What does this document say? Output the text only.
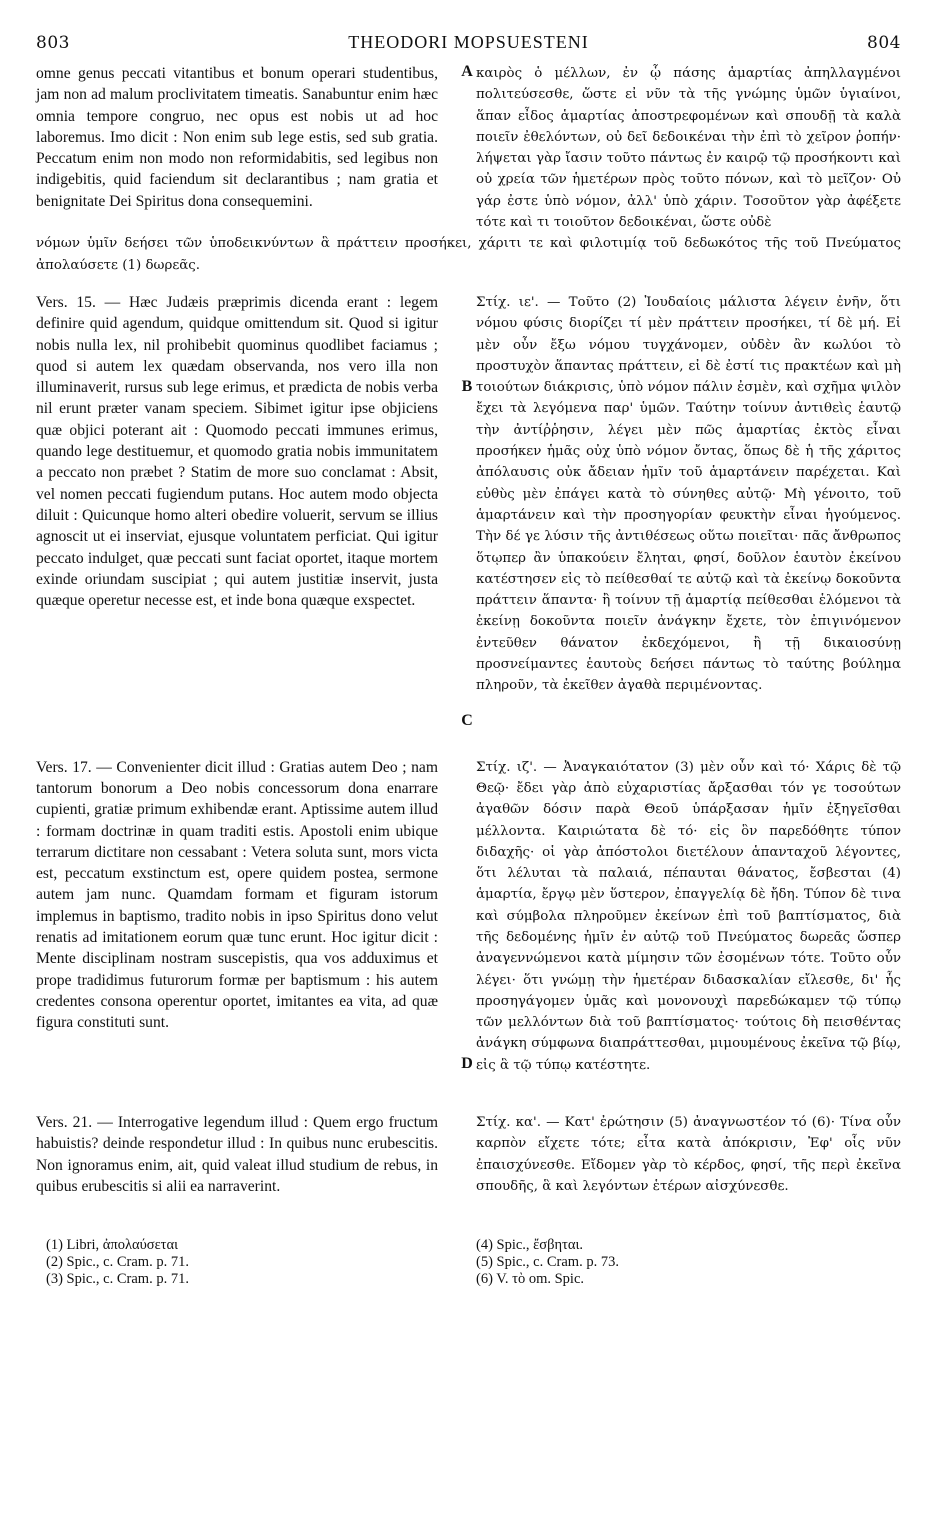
803	THEODORI MOPSUESTENI	804
A

omne genus peccati vitantibus et bonum operari studentibus, jam non ad malum proclivitatem timeatis. Sanabuntur enim hæc omnia tempore congruo, nec opus est nobis ut ad hoc laboremus. Imo dicit : Non enim sub lege estis, sed sub gratia. Peccatum enim non modo non reformidabitis, sed legibus non indigebitis, quid faciendum sit declarantibus ; nam gratia et benignitate Dei Spiritus dona consequemini.

καιρὸς ὁ μέλλων, ἐν ᾧ πάσης ἁμαρτίας ἀπηλλαγμένοι πολιτεύσεσθε, ὥστε εἰ νῦν τὰ τῆς γνώμης ὑμῶν ὑγιαίνοι, ἅπαν εἶδος ἁμαρτίας ἀποστρεφομένων καὶ σπουδῇ τὰ καλὰ ποιεῖν ἐθελόντων, οὐ δεῖ δεδοικέναι τὴν ἐπὶ τὸ χεῖρον ῥοπήν· λήψεται γὰρ ἴασιν τοῦτο πάντως ἐν καιρῷ τῷ προσήκοντι καὶ οὐ χρεία τῶν ἡμετέρων πρὸς τοῦτο πόνων, καὶ τὸ μεῖζον· Οὐ γάρ ἐστε ὑπὸ νόμον, ἀλλ' ὑπὸ χάριν. Τοσοῦτον γὰρ ἀφέξετε τότε καὶ τι τοιοῦτον δεδοικέναι, ὥστε οὐδὲ

νόμων ὑμῖν δεήσει τῶν ὑποδεικνύντων ἃ πράττειν προσήκει, χάριτι τε καὶ φιλοτιμίᾳ τοῦ δεδωκότος τῆς τοῦ Πνεύματος ἀπολαύσετε (1) δωρεᾶς.

B
C

Vers. 15. — Hæc Judæis præprimis dicenda erant : legem definire quid agendum, quidque omittendum sit. Quod si igitur nobis nulla lex, nil prohibebit quominus quodlibet faciamus ; quod si autem lex quædam observanda, nos vero illa non illuminaverit, rursus sub lege erimus, et prædicta de nobis verba nil erunt præter vanam speciem. Sibimet igitur ipse objiciens quæ objici poterant ait : Quomodo peccati immunes erimus, quando lege destituemur, et quomodo gratia nobis immunitatem a peccato non præbet ? Statim de more suo conclamat : Absit, vel nomen peccati fugiendum putans. Hoc autem modo objecta diluit : Quicunque homo alteri obedire voluerit, servum se illius agnoscit ut ei inserviat, ejusque voluntatem perficiat. Qui igitur peccato indulget, quæ peccati sunt faciat oportet, itaque mortem exinde oriundam suscipiat ; qui autem justitiæ inservit, justa quæque operetur necesse est, et inde bona quæque exspectet.

Στίχ. ιε'. — Τοῦτο (2) Ἰουδαίοις μάλιστα λέγειν ἐνῆν, ὅτι νόμου φύσις διορίζει τί μὲν πράττειν προσήκει, τί δὲ μή. Εἰ μὲν οὖν ἔξω νόμου τυγχάνομεν, οὐδὲν ἂν κωλύοι τὸ προστυχὸν ἅπαντας πράττειν, εἰ δὲ ἐστί τις πρακτέων καὶ μὴ τοιούτων διάκρισις, ὑπὸ νόμον πάλιν ἐσμὲν, καὶ σχῆμα ψιλὸν ἔχει τὰ λεγόμενα παρ' ὑμῶν. Ταύτην τοίνυν ἀντιθεὶς ἑαυτῷ τὴν ἀντίῤῥησιν, λέγει μὲν πῶς ἁμαρτίας ἐκτὸς εἶναι προσήκεν ἡμᾶς οὐχ ὑπὸ νόμον ὄντας, ὅπως δὲ ἡ τῆς χάριτος ἀπόλαυσις οὐκ ἄδειαν ἡμῖν τοῦ ἁμαρτάνειν παρέχεται. Καὶ εὐθὺς μὲν ἐπάγει κατὰ τὸ σύνηθες αὐτῷ· Μὴ γένοιτο, τοῦ ἁμαρτάνειν καὶ τὴν προσηγορίαν φευκτὴν εἶναι ἡγούμενος. Τὴν δέ γε λύσιν τῆς ἀντιθέσεως οὕτω ποιεῖται· πᾶς ἄνθρωπος ὅτῳπερ ἂν ὑπακούειν ἔληται, φησί, δοῦλον ἑαυτὸν ἐκείνου κατέστησεν εἰς τὸ πείθεσθαί τε αὐτῷ καὶ τὰ ἐκείνῳ δοκοῦντα πράττειν ἅπαντα· ἢ τοίνυν τῇ ἁμαρτίᾳ πείθεσθαι ἑλόμενοι τὰ ἐκείνῃ δοκοῦντα ποιεῖν ἀνάγκην ἔχετε, τὸν ἐπιγινόμενον ἐντεῦθεν θάνατον ἐκδεχόμενοι, ἢ τῇ δικαιοσύνῃ προσνείμαντες ἑαυτοὺς δεήσει πάντως τὸ ταύτης βούλημα πληροῦν, τὰ ἐκεῖθεν ἀγαθὰ περιμένοντας.

D

Vers. 17. — Convenienter dicit illud : Gratias autem Deo ; nam tantorum bonorum a Deo nobis concessorum dona enarrare cupienti, gratiæ primum exhibendæ erant. Aptissime autem illud : formam doctrinæ in quam traditi estis. Apostoli enim ubique terrarum dictitare non cessabant : Vetera soluta sunt, mors victa est, peccatum exstinctum est, opere quidem postea, sermone autem jam nunc. Quamdam formam et figuram istorum implemus in baptismo, tradito nobis in ipso Spiritus dono velut renatis ad imitationem eorum quæ tunc erunt. Hoc igitur dicit : Mente disciplinam nostram suscepistis, qua vos adduximus et prope tradidimus futurorum formæ per baptismum : his autem credentes consona operentur oportet, imitantes ea vita, ad quæ figura constituti sunt.

Στίχ. ιζ'. — Ἀναγκαιότατον (3) μὲν οὖν καὶ τό· Χάρις δὲ τῷ Θεῷ· ἔδει γὰρ ἀπὸ εὐχαριστίας ἄρξασθαι τόν γε τοσούτων ἀγαθῶν δόσιν παρὰ Θεοῦ ὑπάρξασαν ἡμῖν ἐξηγεῖσθαι μέλλοντα. Καιριώτατα δὲ τό· εἰς ὃν παρεδόθητε τύπον διδαχῆς· οἱ γὰρ ἀπόστολοι διετέλουν ἁπανταχοῦ λέγοντες, ὅτι λέλυται τὰ παλαιά, πέπαυται θάνατος, ἔσβεσται (4) ἁμαρτία, ἔργῳ μὲν ὕστερον, ἐπαγγελίᾳ δὲ ἤδη. Τύπον δὲ τινα καὶ σύμβολα πληροῦμεν ἐκείνων ἐπὶ τοῦ βαπτίσματος, διὰ τῆς δεδομένης ἡμῖν ἐν αὐτῷ τοῦ Πνεύματος δωρεᾶς ὥσπερ ἀναγεννώμενοι κατὰ μίμησιν τῶν ἐσομένων τότε. Τοῦτο οὖν λέγει· ὅτι γνώμῃ τὴν ἡμετέραν διδασκαλίαν εἴλεσθε, δι' ἧς προσηγάγομεν ὑμᾶς καὶ μονονουχὶ παρεδώκαμεν τῷ τύπῳ τῶν μελλόντων διὰ τοῦ βαπτίσματος· τούτοις δὴ πεισθέντας ἀνάγκη σύμφωνα διαπράττεσθαι, μιμουμένους ἐκεῖνα τῷ βίῳ, εἰς ἃ τῷ τύπῳ κατέστητε.

Vers. 21. — Interrogative legendum illud : Quem ergo fructum habuistis? deinde respondetur illud : In quibus nunc erubescitis. Non ignoramus enim, ait, quid valeat illud studium de rebus, in quibus erubescitis si alii ea narraverint.

Στίχ. κα'. — Κατ' ἐρώτησιν (5) ἀναγνωστέον τό (6)· Τίνα οὖν καρπὸν εἴχετε τότε; εἶτα κατὰ ἀπόκρισιν, Ἐφ' οἷς νῦν ἐπαισχύνεσθε. Εἴδομεν γὰρ τὸ κέρδος, φησί, τῆς περὶ ἐκεῖνα σπουδῆς, ἃ καὶ λεγόντων ἑτέρων αἰσχύνεσθε.

(1) Libri, ἀπολαύσεται

(2) Spic., c. Cram. p. 71.

(3) Spic., c. Cram. p. 71.

(4) Spic., ἔσβηται.

(5) Spic., c. Cram. p. 73.

(6) V. τὸ om. Spic.
